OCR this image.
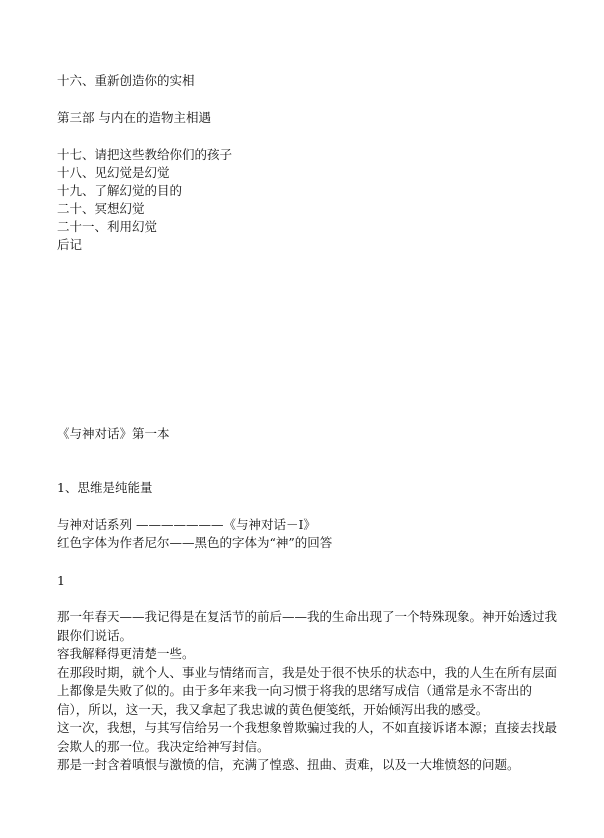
十六、重新创造你的实相
第三部 与内在的造物主相遇
十七、请把这些教给你们的孩子
十八、见幻觉是幻觉
十九、了解幻觉的目的
二十、冥想幻觉
二十一、利用幻觉
后记
《与神对话》第一本
1、思维是纯能量
与神对话系列 ———————《与神对话－Ⅰ》
红色字体为作者尼尔——黑色的字体为“神”的回答
1

那一年春天——我记得是在复活节的前后——我的生命出现了一个特殊现象。神开始透过我跟你们说话。

容我解释得更清楚一些。

在那段时期，就个人、事业与情绪而言，我是处于很不快乐的状态中，我的人生在所有层面上都像是失败了似的。由于多年来我一向习惯于将我的思绪写成信（通常是永不寄出的信），所以，这一天，我又拿起了我忠诚的黄色便笺纸，开始倾泻出我的感受。

这一次，我想，与其写信给另一个我想象曾欺骗过我的人，不如直接诉诸本源；直接去找最会欺人的那一位。我决定给神写封信。

那是一封含着嗔恨与激愤的信，充满了惶惑、扭曲、责难，以及一大堆愤怒的问题。
